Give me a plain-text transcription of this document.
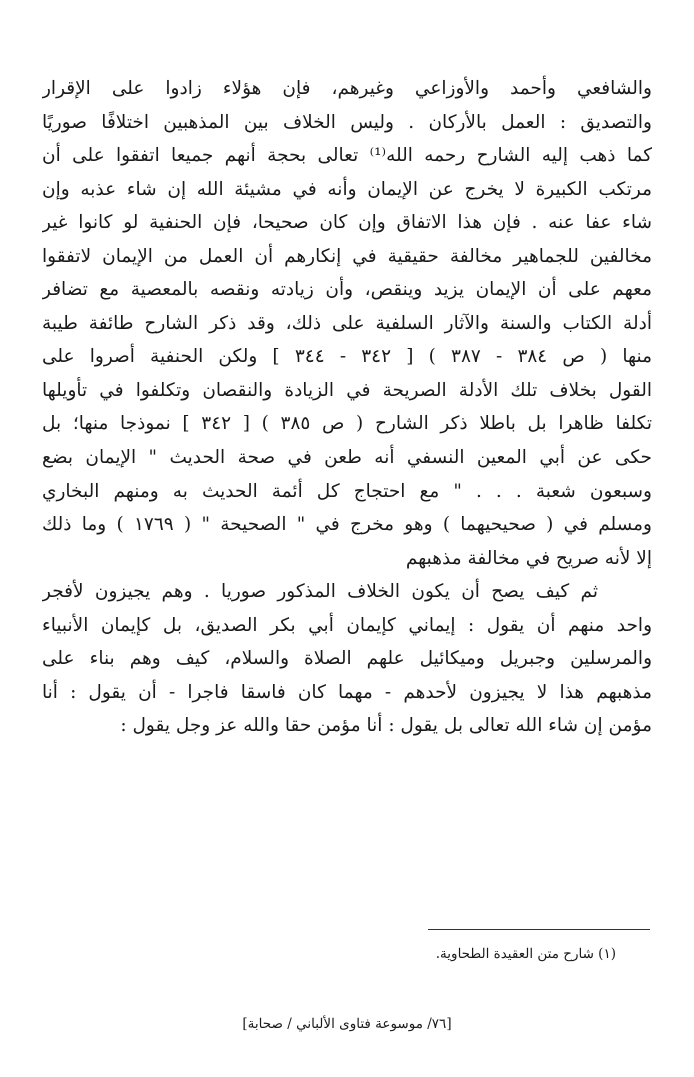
والشافعي وأحمد والأوزاعي وغيرهم، فإن هؤلاء زادوا على الإقرار
والتصديق : العمل بالأركان . وليس الخلاف بين المذهبين اختلافًا صوريًا
كما ذهب إليه الشارح رحمه الله⁽¹⁾ تعالى بحجة أنهم جميعا اتفقوا على أن
مرتكب الكبيرة لا يخرج عن الإيمان وأنه في مشيئة الله إن شاء عذبه وإن
شاء عفا عنه . فإن هذا الاتفاق وإن كان صحيحا، فإن الحنفية لو كانوا غير
مخالفين للجماهير مخالفة حقيقية في إنكارهم أن العمل من الإيمان لاتفقوا
معهم على أن الإيمان يزيد وينقص، وأن زيادته ونقصه بالمعصية مع تضافر
أدلة الكتاب والسنة والآثار السلفية على ذلك، وقد ذكر الشارح طائفة طيبة
منها ( ص ٣٨٤ - ٣٨٧ ) [ ٣٤٢ - ٣٤٤ ] ولكن الحنفية أصروا على
القول بخلاف تلك الأدلة الصريحة في الزيادة والنقصان وتكلفوا في تأويلها
تكلفا ظاهرا بل باطلا ذكر الشارح ( ص ٣٨٥ ) [ ٣٤٢ ] نموذجا منها؛ بل
حكى عن أبي المعين النسفي أنه طعن في صحة الحديث " الإيمان بضع
وسبعون شعبة . . . " مع احتجاج كل أئمة الحديث به ومنهم البخاري
ومسلم في ( صحيحيهما ) وهو مخرج في " الصحيحة " ( ١٧٦٩ ) وما ذلك
إلا لأنه صريح في مخالفة مذهبهم
ثم كيف يصح أن يكون الخلاف المذكور صوريا . وهم يجيزون لأفجر
واحد منهم أن يقول : إيماني كإيمان أبي بكر الصديق، بل كإيمان الأنبياء
والمرسلين وجبريل وميكائيل علهم الصلاة والسلام، كيف وهم بناء على
مذهبهم هذا لا يجيزون لأحدهم - مهما كان فاسقا فاجرا - أن يقول : أنا
مؤمن إن شاء الله تعالى بل يقول : أنا مؤمن حقا والله عز وجل يقول :
(١) شارح متن العقيدة الطحاوية.
[٧٦/ موسوعة فتاوى الألباني / صحابة]
